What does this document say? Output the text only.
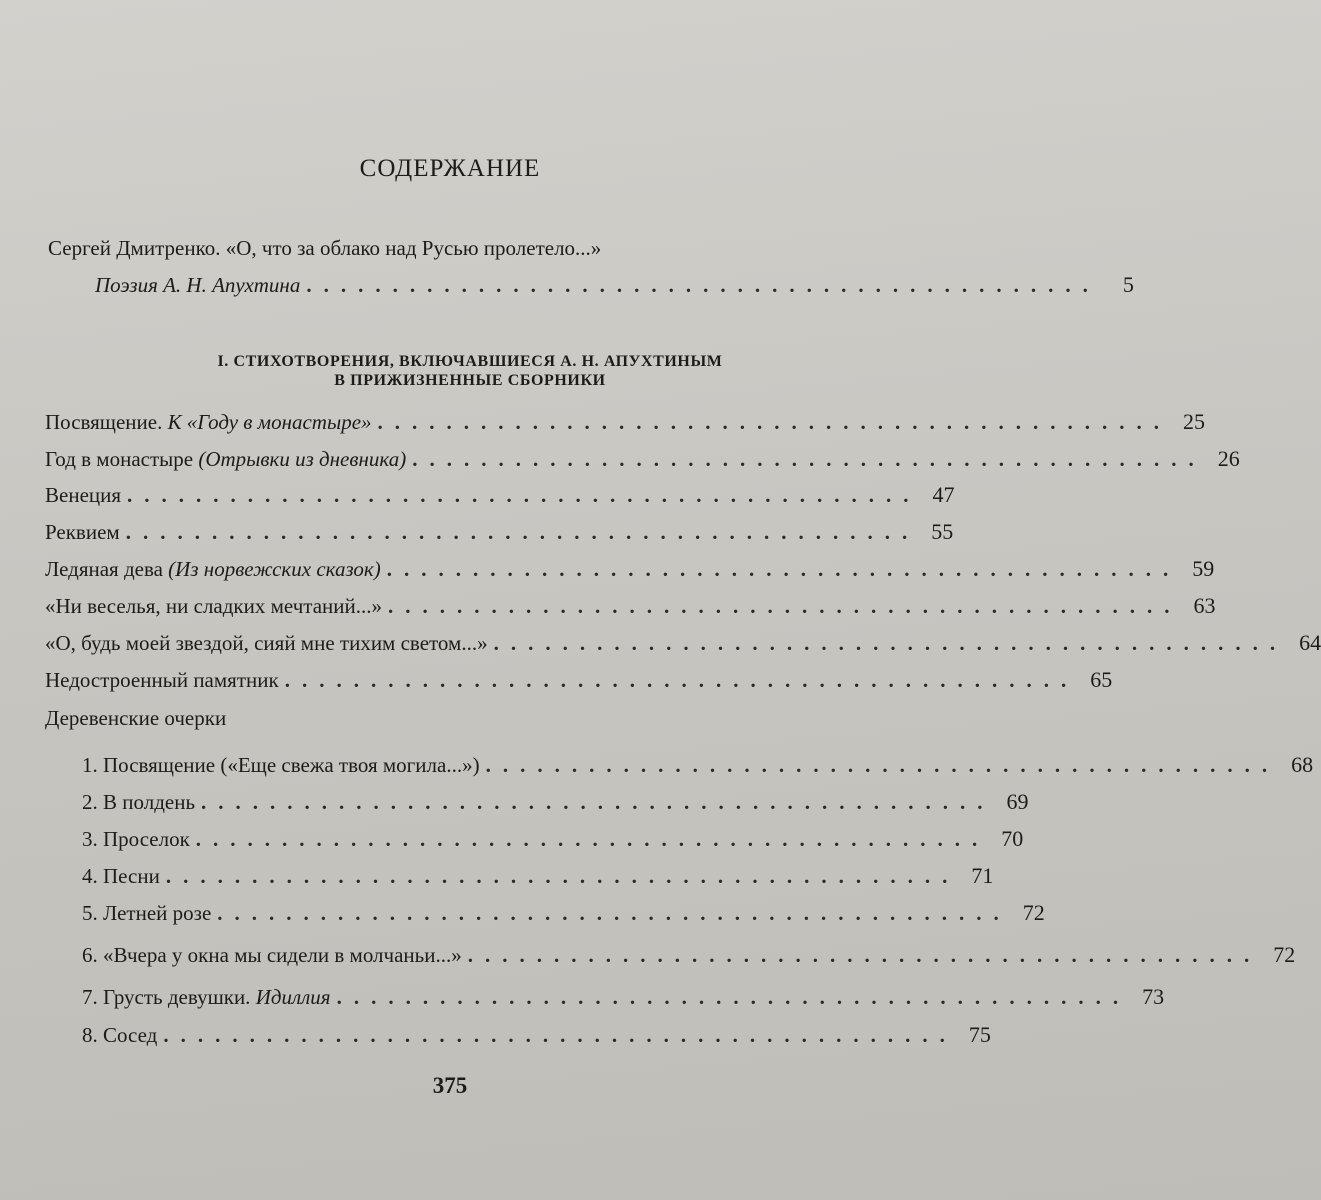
СОДЕРЖАНИЕ
Сергей Дмитренко. «О, что за облако над Русью пролетело...»
Поэзия А. Н. Апухтина ..............................................	5
I. СТИХОТВОРЕНИЯ, ВКЛЮЧАВШИЕСЯ А. Н. АПУХТИНЫМ
В ПРИЖИЗНЕННЫЕ СБОРНИКИ
Посвящение. К «Году в монастыре» .............................................. 25
Год в монастыре (Отрывки из дневника) .............................................. 26
Венеция .............................................. 47
Реквием .............................................. 55
Ледяная дева (Из норвежских сказок) .............................................. 59
«Ни веселья, ни сладких мечтаний...» .............................................. 63
«О, будь моей звездой, сияй мне тихим светом...» .............................................. 64
Недостроенный памятник .............................................. 65
Деревенские очерки
1. Посвящение («Еще свежа твоя могила...») .............................................. 68
2. В полдень .............................................. 69
3. Проселок .............................................. 70
4. Песни .............................................. 71
5. Летней розе .............................................. 72
6. «Вчера у окна мы сидели в молчаньи...» .............................................. 72
7. Грусть девушки. Идиллия .............................................. 73
8. Сосед .............................................. 75
375
